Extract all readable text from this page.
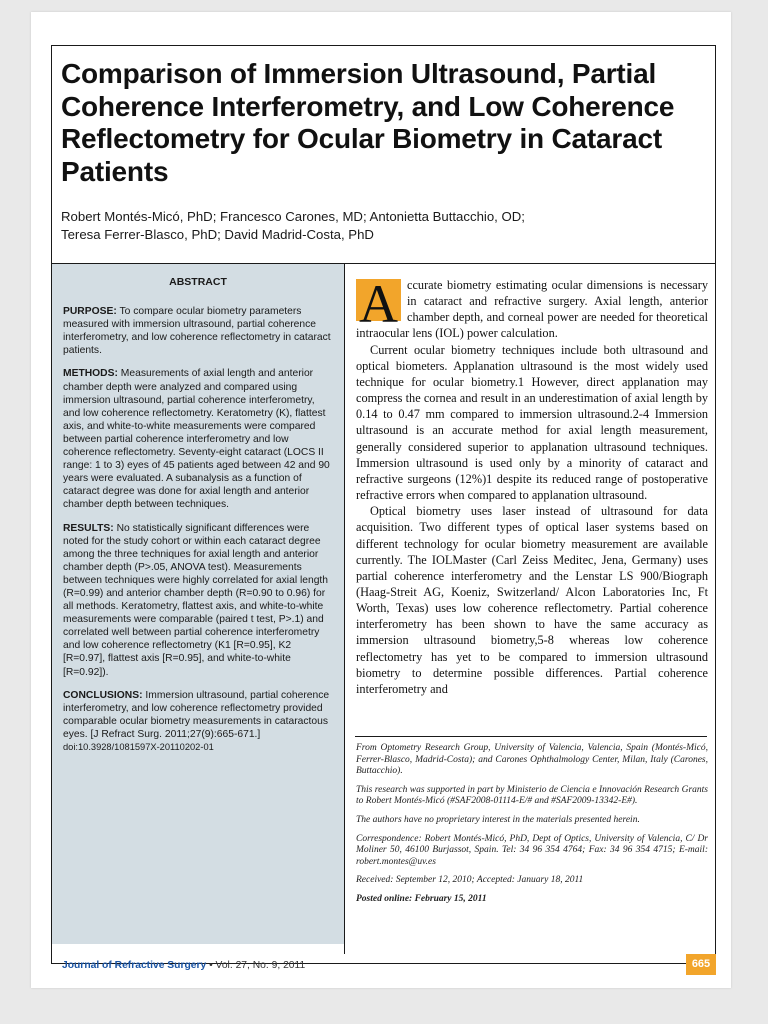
Comparison of Immersion Ultrasound, Partial Coherence Interferometry, and Low Coherence Reflectometry for Ocular Biometry in Cataract Patients
Robert Montés-Micó, PhD; Francesco Carones, MD; Antonietta Buttacchio, OD;
Teresa Ferrer-Blasco, PhD; David Madrid-Costa, PhD
ABSTRACT

PURPOSE: To compare ocular biometry parameters measured with immersion ultrasound, partial coherence interferometry, and low coherence reflectometry in cataract patients.

METHODS: Measurements of axial length and anterior chamber depth were analyzed and compared using immersion ultrasound, partial coherence interferometry, and low coherence reflectometry. Keratometry (K), flattest axis, and white-to-white measurements were compared between partial coherence interferometry and low coherence reflectometry. Seventy-eight cataract (LOCS II range: 1 to 3) eyes of 45 patients aged between 42 and 90 years were evaluated. A subanalysis as a function of cataract degree was done for axial length and anterior chamber depth between techniques.

RESULTS: No statistically significant differences were noted for the study cohort or within each cataract degree among the three techniques for axial length and anterior chamber depth (P>.05, ANOVA test). Measurements between techniques were highly correlated for axial length (R=0.99) and anterior chamber depth (R=0.90 to 0.96) for all methods. Keratometry, flattest axis, and white-to-white measurements were comparable (paired t test, P>.1) and correlated well between partial coherence interferometry and low coherence reflectometry (K1 [R=0.95], K2 [R=0.97], flattest axis [R=0.95], and white-to-white [R=0.92]).

CONCLUSIONS: Immersion ultrasound, partial coherence interferometry, and low coherence reflectometry provided comparable ocular biometry measurements in cataractous eyes. [J Refract Surg. 2011;27(9):665-671.]

doi:10.3928/1081597X-20110202-01

A ccurate biometry estimating ocular dimensions is necessary in cataract and refractive surgery. Axial length, anterior chamber depth, and corneal power are needed for theoretical intraocular lens (IOL) power calculation.

Current ocular biometry techniques include both ultrasound and optical biometers. Applanation ultrasound is the most widely used technique for ocular biometry.1 However, direct applanation may compress the cornea and result in an underestimation of axial length by 0.14 to 0.47 mm compared to immersion ultrasound.2-4 Immersion ultrasound is an accurate method for axial length measurement, generally considered superior to applanation ultrasound techniques. Immersion ultrasound is used only by a minority of cataract and refractive surgeons (12%)1 despite its reduced range of postoperative refractive errors when compared to applanation ultrasound.

Optical biometry uses laser instead of ultrasound for data acquisition. Two different types of optical laser systems based on different technology for ocular biometry measurement are available currently. The IOLMaster (Carl Zeiss Meditec, Jena, Germany) uses partial coherence interferometry and the Lenstar LS 900/Biograph (Haag-Streit AG, Koeniz, Switzerland/ Alcon Laboratories Inc, Ft Worth, Texas) uses low coherence reflectometry. Partial coherence interferometry has been shown to have the same accuracy as immersion ultrasound biometry,5-8 whereas low coherence reflectometry has yet to be compared to immersion ultrasound biometry to determine possible differences. Partial coherence interferometry and

From Optometry Research Group, University of Valencia, Valencia, Spain (Montés-Micó, Ferrer-Blasco, Madrid-Costa); and Carones Ophthalmology Center, Milan, Italy (Carones, Buttacchio).

This research was supported in part by Ministerio de Ciencia e Innovación Research Grants to Robert Montés-Micó (#SAF2008-01114-E/# and #SAF2009-13342-E#).

The authors have no proprietary interest in the materials presented herein.

Correspondence: Robert Montés-Micó, PhD, Dept of Optics, University of Valencia, C/ Dr Moliner 50, 46100 Burjassot, Spain. Tel: 34 96 354 4764; Fax: 34 96 354 4715; E-mail: robert.montes@uv.es

Received: September 12, 2010; Accepted: January 18, 2011

Posted online: February 15, 2011

Journal of Refractive Surgery • Vol. 27, No. 9, 2011	665
